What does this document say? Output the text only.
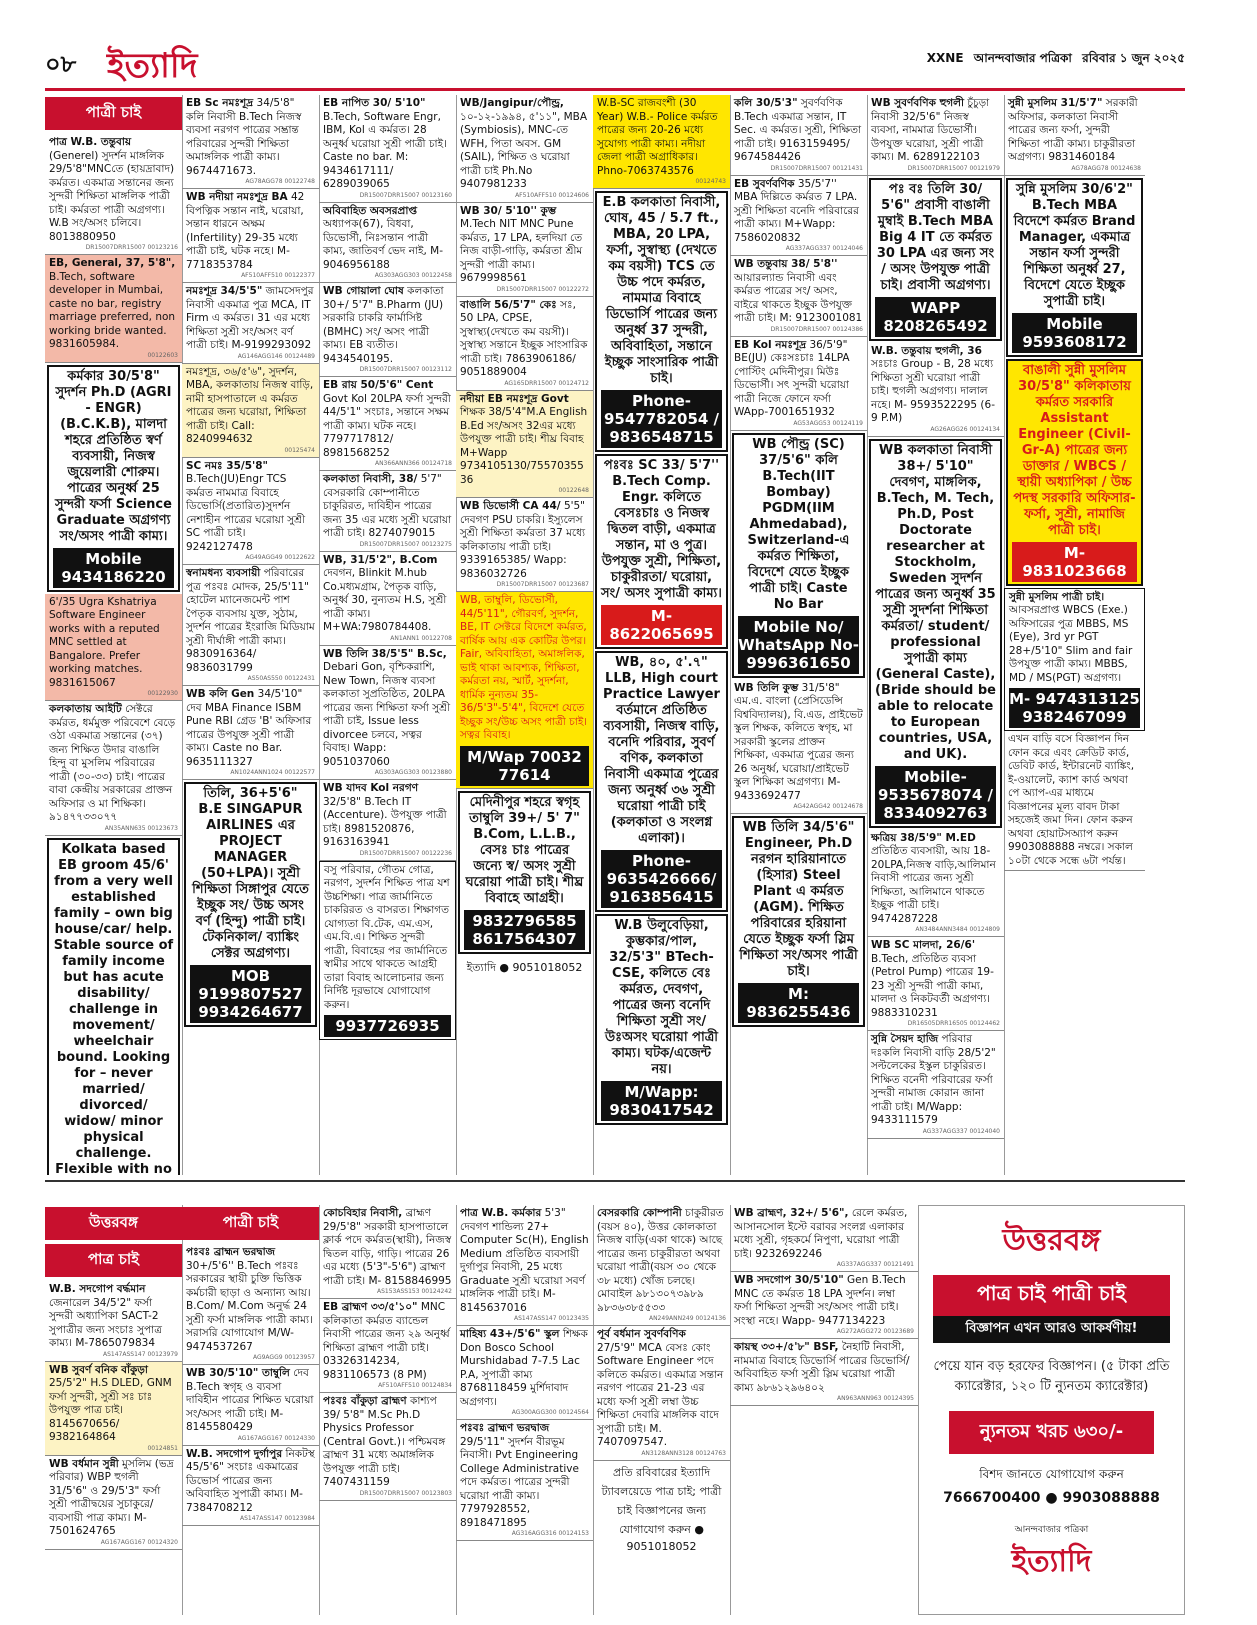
০৮ ইত্যাদি	XXNE আনন্দবাজার পত্রিকা রবিবার ১ জুন ২০২৫
পাত্রী চাই
পাত্র W.B. তন্তুবায় (Generel) সুদর্শন মাঙ্গলিক 29/5'8"MNCতে (হায়দ্রাবাদ) কর্মরত। একমাত্র সন্তানের জন্য সুন্দরী শিক্ষিতা মাঙ্গলিক পাত্রী চাই। কর্মরতা পাত্রী অগ্রগণ্য। W.B সং/অসং চলিবে। 8013880950
DR15007DRR15007 00123216
EB, General, 37, 5'8", B.Tech, software developer in Mumbai, caste no bar, registry marriage preferred, non working bride wanted. 9831605984.
00122603
কর্মকার 30/5'8" সুদর্শন Ph.D (AGRI - ENGR) (B.C.K.B), মালদা শহরে প্রতিষ্ঠিত স্বর্ণ ব্যবসায়ী, নিজস্ব জুয়েলারী শোরুম। পাত্রের অনুর্ধ্ব 25 সুন্দরী ফর্সা Science Graduate অগ্রগণ্য সং/অসং পাত্রী কাম্য।
Mobile 9434186220
6'/35 Ugra Kshatriya Software Engineer works with a reputed MNC settled at Bangalore. Prefer working matches. 9831615067
00122930
কলকাতায় আইটি সেক্টরে কর্মরত, ধর্মমুক্ত পরিবেশে বেড়ে ওঠা একমাত্র সন্তানের (৩৭) জন্য শিক্ষিত উদার বাঙালি হিন্দু বা মুসলিম পরিবারের পাত্রী (৩০-৩৩) চাই। পাত্রের বাবা কেন্দ্রীয় সরকারের প্রাক্তন অফিসার ও মা শিক্ষিকা। ৯১৪৭৭৩৩০৭৭
AN35ANN635 00123673
Kolkata based EB groom 45/6' from a very well established family – own big house/car/ help. Stable source of family income but has acute disability/ challenge in movement/ wheelchair bound. Looking for – never married/ divorced/ widow/ minor physical challenge. Flexible with no
EB Sc নমঃশূদ্র 34/5'8" কলি নিবাসী B.Tech নিজস্ব ব্যবসা নরগণ পাত্রের সম্ভ্রান্ত পরিবারের সুন্দরী শিক্ষিতা অমাঙ্গলিক পাত্রী কাম্য। 9674471673.
AG78AGG78 00122748
WB নদীয়া নমঃশূদ্র BA 42 বিপত্নিক সন্তান নাই, ঘরোয়া, সন্তান ধারনে অক্ষম (Infertility) 29-35 মধ্যে পাত্রী চাই, ঘটক নহে। M-7718353784
AF510AFF510 00122377
নমঃশূদ্র 34/5'5" জামসেদপুর নিবাসী একমাত্র পুত্র MCA, IT Firm এ কর্মরত। 31 এর মধ্যে শিক্ষিতা সুশ্রী সং/অসং বর্ণ পাত্রী চাই। M-9199293092
AG146AGG146 00124489
নমঃশূদ্র, ৩৬/৫'৬", সুদর্শন, MBA, কলকাতায় নিজস্ব বাড়ি, নামী হাসপাতালে এ কর্মরত পাত্রের জন্য ঘরোয়া, শিক্ষিতা পাত্রী চাই। Call: 8240994632
00125474
SC নমঃ 35/5'8" B.Tech(JU)Engr TCS কর্মরত নামমাত্র বিবাহে ডিভোর্সি(প্রতারিত)সুদর্শন নেশাহীন পাত্রের ঘরোয়া সুশ্রী SC পাত্রী চাই। 9242127478
AG49AGG49 00122622
স্বনামধন্য ব্যবসায়ী পরিবারের পুত্র পঃবঃ মোদক, 25/5'11" হোটেল ম্যানেজমেন্ট পাশ পৈতৃক ব্যবসায় যুক্ত, সুঠাম, সুদর্শন পাত্রের ইংরাজি মিডিয়াম সুশ্রী দীর্ঘাঙ্গী পাত্রী কাম্য। 9830916364/ 9836031799
AS50AS550 00122431
WB কলি Gen 34/5'10" দেব MBA Finance ISBM Pune RBI গ্রেড 'B' অফিসার পাত্রের উপযুক্ত সুশ্রী পাত্রী কাম্য। Caste no Bar. 9635111327
AN1024ANN1024 00122577
তিলি, 36+5'6" B.E SINGAPUR AIRLINES এর PROJECT MANAGER (50+LPA)। সুশ্রী শিক্ষিতা সিঙ্গাপুর যেতে ইচ্ছুক সং/ উচ্চ অসং বর্ণ (হিন্দু) পাত্রী চাই। টেকনিকাল/ ব্যাঙ্কিং সেক্টর অগ্রগণ্য।
MOB 9199807527 9934264677
EB নাপিত 30/ 5'10" B.Tech, Software Engr, IBM, Kol এ কর্মরত। 28 অনুর্ধ্ব ঘরোয়া সুশ্রী পাত্রী চাই। Caste no bar. M: 9434617111/ 6289039065
DR15007DRR15007 00123160
অবিবাহিত অবসরপ্রাপ্ত অধ্যাপক(67), বিধবা, ডিভোর্সী, নিঃসন্তান পাত্রী কাম্য, জাতিবর্ণ ভেদ নাই, M- 9046956188
AG303AGG303 00122458
WB গোয়ালা ঘোষ কলকাতা 30+/ 5'7" B.Pharm (JU) সরকারি চাকরি ফার্মাসিষ্ট (BMHC) সং/ অসং পাত্রী কাম্য। EB ব্যতীত। 9434540195.
DR15007DRR15007 00123112
EB রায় 50/5'6" Cent Govt Kol 20LPA ফর্সা সুন্দরী 44/5'1" সংচাঃ, সন্তানে সক্ষম পাত্রী কাম্য। ঘটক নহে। 7797717812/ 8981568252
AN366ANN366 00124718
কলকাতা নিবাসী, 38/ 5'7" বেসরকারি কোম্পানীতে চাকুরিরত, দাবিহীন পাত্রের জন্য 35 এর মধ্যে সুশ্রী ঘরোয়া পাত্রী চাই। 8274079015
DR15007DRR15007 00123275
WB, 31/5'2", B.Com দেবগন, Blinkit M.hub Co.মধ্যমগ্রাম, পৈতৃক বাড়ি, অনুর্ধ্ব 30, নুন্যতম H.S, সুশ্রী পাত্রী কাম্য। M+WA:7980784408.
AN1ANN1 00122708
WB তিলি 38/5'5" B.Sc, Debari Gon, বৃশ্চিকরাশি, New Town, নিজস্ব ব্যবসা কলকাতা সুপ্রতিষ্ঠিত, 20LPA পাত্রের জন্য শিক্ষিতা ফর্সা সুশ্রী পাত্রী চাই, Issue less divorcee চলবে, সত্বর বিবাহ। Wapp: 9051037060
AG303AGG303 00123880
WB যাদব Kol নরগণ 32/5'8" B.Tech IT (Accenture). উপযুক্ত পাত্রী চাই। 8981520876, 9163163941
DR15007DRR15007 00122236
বসু পরিবার, গৌতম গোত্র, নরগণ, সুদর্শন শিক্ষিত পাত্র যশ উচ্চশিক্ষা। পাত্র জার্মানিতে চাকরিরত ও বাসরত। শিক্ষাগত যোগ্যতা বি.টেক, এম.এস, এম.বি.এ। শিক্ষিত সুন্দরী পাত্রী, বিবাহের পর জার্মানিতে স্বামীর সাথে থাকতে আগ্রহী তারা বিবাহ আলোচনার জন্য নির্দিষ্ট দূরভাষে যোগাযোগ করুন।
9937726935
WB/Jangipur/পৌন্ড্র, ১০-১২-১৯৯৪, ৫'১১", MBA (Symbiosis), MNC-তে WFH, পিতা অবস. GM (SAIL), শিক্ষিত ও ঘরোয়া পাত্রী চাই Ph.No 9407981233
AF510AFF510 00124606
WB 30/ 5'10'' কুম্ভ M.Tech NIT MNC Pune কর্মরত, 17 LPA, হলদিয়া তে নিজ বাড়ী-গাড়ি, কর্মরতা শ্রীম সুন্দরী পাত্রী কাম্য। 9679998561
DR15007DRR15007 00122272
বাঙালি 56/5'7" কেঃ সঃ, 50 LPA, CPSE, সুস্বাস্থ্য(দেখতে কম বয়সী)। সুস্বাস্থ্য সন্তানে ইচ্ছুক সাংসারিক পাত্রী চাই। 7863906186/ 9051889004
AG165DRR15007 00124712
নদীয়া EB নমঃশূদ্র Govt শিক্ষক 38/5'4"M.A English B.Ed সং/অসং 32এর মধ্যে উপযুক্ত পাত্রী চাই। শীঘ্র বিবাহ M+Wapp 9734105130/7557035536
00122648
WB ডিভোর্সী CA 44/ 5'5" দেবগণ PSU চাকরি। ইস্যুলেস সুশ্রী শিক্ষিতা কর্মরতা 37 মধ্যে কলিকাতায় পাত্রী চাই। 9339165385/ Wapp: 9836032726
DR15007DRR15007 00123687
WB, তাম্বুলি, ডিভোর্সী, 44/5'11", গৌরবর্ণ, সুদর্শন, BE, IT সেক্টরে বিদেশে কর্মরত, বার্ষিক আয় এক কোটির উপর। Fair, অবিবাহিতা, অমাঙ্গলিক, ভাই থাকা আবশ্যক, শিক্ষিতা, কর্মরতা নয়, স্মার্ট, সুদর্শনা, ধার্মিক নুন্যতম 35-36/5'3"-5'4", বিদেশে যেতে ইচ্ছুক সং/উচ্চ অসং পাত্রী চাই। সত্বর বিবাহ।
M/Wap 70032 77614
মেদিনীপুর শহরে স্বগৃহ তাম্বুলি 39+/ 5' 7" B.Com, L.L.B., বেসঃ চাঃ পাত্রের জন্যে স্ব/ অসং সুশ্রী ঘরোয়া পাত্রী চাই। শীঘ্র বিবাহে আগ্রহী।
9832796585 8617564307
ইত্যাদি ● 9051018052
W.B-SC রাজবংশী (30 Year) W.B.- Police কর্মরত পাত্রের জন্য 20-26 মধ্যে সুযোগ্য পাত্রী কাম্য। নদীয়া জেলা পাত্রী অগ্রাধিকার। Phno-7063743576
00124743
E.B কলকাতা নিবাসী, ঘোষ, 45 / 5.7 ft., MBA, 20 LPA, ফর্সা, সুস্বাস্থ্য (দেখতে কম বয়সী) TCS তে উচ্চ পদে কর্মরত, নামমাত্র বিবাহে ডিভোর্সি পাত্রের জন্য অনুর্ধ্ব 37 সুন্দরী, অবিবাহিতা, সন্তানে ইচ্ছুক সাংসারিক পাত্রী চাই।
Phone- 9547782054 / 9836548715
পঃবঃ SC 33/ 5'7'' B.Tech Comp. Engr. কলিতে বেসঃচাঃ ও নিজস্ব দ্বিতল বাড়ী, একমাত্র সন্তান, মা ও পুত্র। উপযুক্ত সুশ্রী, শিক্ষিতা, চাকুরীরতা/ ঘরোয়া, সং/ অসং সুপাত্রী কাম্য।
M- 8622065695
WB, ৪০, ৫'.৭" LLB, High court Practice Lawyer বর্তমানে প্রতিষ্ঠিত ব্যবসায়ী, নিজস্ব বাড়ি, বনেদি পরিবার, সুবর্ণ বণিক, কলকাতা নিবাসী একমাত্র পুত্রের জন্য অনুর্ধ্ব ৩৬ সুশ্রী ঘরোয়া পাত্রী চাই (কলকাতা ও সংলগ্ন এলাকা)।
Phone- 9635426666/ 9163856415
W.B উলুবেড়িয়া, কুম্ভকার/পাল, 32/5'3" BTech-CSE, কলিতে বেঃ কর্মরত, দেবগণ, পাত্রের জন্য বনেদি শিক্ষিতা সুশ্রী সং/উঃঅসং ঘরোয়া পাত্রী কাম্য। ঘটক/এজেন্ট নয়।
M/Wapp: 9830417542
কলি 30/5'3" সুবর্ণবণিক B.Tech একমাত্র সন্তান, IT Sec. এ কর্মরত। সুশ্রী, শিক্ষিতা পাত্রী চাই। 9163159495/ 9674584426
DR15007DRR15007 00121431
EB সুবর্ণবণিক 35/5'7'' MBA দিল্লিতে কর্মরত 7 LPA. সুশ্রী শিক্ষিতা বনেদি পরিবারের পাত্রী কাম্য। M+Wapp: 7586020832
AG337AGG337 00124046
WB তন্তুবায় 38/ 5'8'' আয়ারল্যান্ড নিবাসী এবং কর্মরত পাত্রের সং/ অসং, বাইরে থাকতে ইচ্ছুক উপযুক্ত পাত্রী চাই। M: 9123001081
DR15007DRR15007 00124386
EB Kol নমঃশূদ্র 36/5'9" BE(JU) কেঃসঃচাঃ 14LPA পোস্টিং মেদিনীপুর। মিউঃ ডিভোর্সী। সৎ সুন্দরী ঘরোয়া পাত্রী নিজে ফোনে ফর্সা WApp-7001651932
AG53AGG53 00124119
WB পৌন্ড্র (SC) 37/5'6" কলি B.Tech(IIT Bombay) PGDM(IIM Ahmedabad), Switzerland-এ কর্মরত শিক্ষিতা, বিদেশে যেতে ইচ্ছুক পাত্রী চাই। Caste No Bar
Mobile No/ WhatsApp No- 9996361650
WB তিলি কুম্ভ 31/5'8" এম.এ. বাংলা (প্রেসিডেন্সি বিশ্ববিদ্যালয়), বি.এড, প্রাইভেট স্কুল শিক্ষক, কলিতে স্বগৃহ, মা সরকারী স্কুলের প্রাক্তন শিক্ষিকা, একমাত্র পুত্রের জন্য 26 অনুর্ধ্ব, ঘরোয়া/প্রাইভেট স্কুল শিক্ষিকা অগ্রগণ্য। M- 9433692477
AG42AGG42 00124678
WB তিলি 34/5'6" Engineer, Ph.D নরগন হারিয়ানাতে (হিসার) Steel Plant এ কর্মরত (AGM). শিক্ষিত পরিবারের হরিয়ানা যেতে ইচ্ছুক ফর্সা স্লিম শিক্ষিতা সং/অসং পাত্রী চাই।
M: 9836255436
WB সুবর্ণবণিক হুগলী চুঁচুড়া নিবাসী 32/5'6" নিজস্ব ব্যবসা, নামমাত্র ডিভোর্সী। উপযুক্ত ঘরোয়া, সুশ্রী পাত্রী কাম্য। M. 6289122103
DR15007DRR15007 00121979
পঃ বঃ তিলি 30/ 5'6" প্রবাসী বাঙালী মুম্বাই B.Tech MBA Big 4 IT তে কর্মরত 30 LPA এর জন্য সং / অসং উপযুক্ত পাত্রী চাই। প্রবাসী অগ্রগণ্য।
WAPP 8208265492
W.B. তন্তুবায় হুগলী, 36 সঃচাঃ Group - B, 28 মধ্যে শিক্ষিতা সুশ্রী ঘরোয়া পাত্রী চাই। হুগলী অগ্রগণ্য। দালাল নহে। M- 9593522295 (6-9 P.M)
AG26AGG26 00124134
WB কলকাতা নিবাসী 38+/ 5'10" দেবগণ, মাঙ্গলিক, B.Tech, M. Tech, Ph.D, Post Doctorate researcher at Stockholm, Sweden সুদর্শন পাত্রের জন্য অনুর্ধ্ব 35 সুশ্রী সুদর্শনা শিক্ষিতা কর্মরতা/ student/ professional সুপাত্রী কাম্য (General Caste), (Bride should be able to relocate to European countries, USA, and UK).
Mobile- 9535678074 / 8334092763
ক্ষত্রিয় 38/5'9" M.ED প্রতিষ্ঠিত ব্যবসায়ী, আয় 18-20LPA,নিজস্ব বাড়ি,আলিমান নিবাসী পাত্রের জন্য সুশ্রী শিক্ষিতা, আলিমানে থাকতে ইচ্ছুক পাত্রী চাই। 9474287228
AN3484ANN3484 00124809
WB SC মালদা, 26/6' B.Tech, প্রতিষ্ঠিত ব্যবসা (Petrol Pump) পাত্রের 19-23 সুশ্রী সুন্দরী পাত্রী কাম্য, মালদা ও নিকটবর্তী অগ্রগণ্য। 9883310231
DR16505DRR16505 00124462
সুন্নি সৈয়দ হাজি পরিবার দঃকলি নিবাসী বাড়ি 28/5'2" সল্টলেকের ইস্কুল চাকুরিরত। শিক্ষিত বনেদী পরিবারের ফর্সা সুন্দরী নামাজ কোরান জানা পাত্রী চাই। M/Wapp: 9433111579
AG337AGG337 00124040
সুন্নী মুসলিম 31/5'7" সরকারী অফিসার, কলকাতা নিবাসী পাত্রের জন্য ফর্সা, সুন্দরী শিক্ষিতা পাত্রী কাম্য। চাকুরীরতা অগ্রগণ্য। 9831460184
AG78AGG78 00124638
সুন্নি মুসলিম 30/6'2" B.Tech MBA বিদেশে কর্মরত Brand Manager, একমাত্র সন্তান ফর্সা সুন্দরী শিক্ষিতা অনুর্ধ্ব 27, বিদেশে যেতে ইচ্ছুক সুপাত্রী চাই।
Mobile 9593608172
বাঙালী সুন্নী মুসলিম 30/5'8" কলিকাতায় কর্মরত সরকারি Assistant Engineer (Civil-Gr-A) পাত্রের জন্য ডাক্তার / WBCS / স্থায়ী অধ্যাপিকা / উচ্চ পদস্থ সরকারি অফিসার-ফর্সা, সুশ্রী, নামাজি পাত্রী চাই।
M-9831023668
সুন্নী মুসলিম পাত্রী চাই। আবসরপ্রাপ্ত WBCS (Exe.) অফিসারের পুত্র MBBS, MS (Eye), 3rd yr PGT 28+/5'10" Slim and fair উপযুক্ত পাত্রী কাম্য। MBBS, MD / MS(PGT) অগ্রগণ্য।
M- 9474313125 9382467099
এখন বাড়ি বসে বিজ্ঞাপন দিন ফোন করে এবং ক্রেডিট কার্ড, ডেবিট কার্ড, ইন্টারনেট ব্যাঙ্কিং, ই-ওয়ালেট, ক্যাশ কার্ড অথবা পে অ্যাপ-এর মাধ্যমে বিজ্ঞাপনের মূল্য বাবদ টাকা সহজেই জমা দিন। ফোন করুন অথবা হোয়াটসঅ্যাপ করুন 9903088888 নম্বরে। সকাল ১০টা থেকে সন্ধে ৬টা পর্যন্ত।
উত্তরবঙ্গ
পাত্র চাই পাত্রী চাই
বিজ্ঞাপন এখন আরও আকর্ষণীয়!
পেয়ে যান বড় হরফের বিজ্ঞাপন। (৫ টাকা প্রতি ক্যারেক্টার, ১২০ টি ন্যুনতম ক্যারেক্টার)
ন্যুনতম খরচ ৬৩০/-
বিশদ জানতে যোগাযোগ করুন
7666700400 ● 9903088888
আনন্দবাজার পত্রিকা
ইত্যাদি
উত্তরবঙ্গ
পাত্র চাই
W.B. সদগোপ বর্দ্ধমান জেনারেল 34/5'2" ফর্সা সুন্দরী অধ্যাপিকা SACT-2 সুপাত্রীর জন্য সংচাঃ সুপাত্র কাম্য। M-7865079834
AS147ASS147 00123979
WB সুবর্ণ বনিক বাঁকুড়া 25/5'2" H.S DLED, GNM ফর্সা সুন্দরী, সুশ্রী সঃ চাঃ উপযুক্ত পাত্র চাই। 8145670656/ 9382164864
00124851
WB বর্ধমান সুন্নী মুসলিম (ভদ্র পরিবার) WBP হুগলী 31/5'6" ও 29/5'3" ফর্সা সুশ্রী পাত্রীদ্বয়ের সুচাকুরে/ ব্যবসায়ী পাত্র কাম্য। M-7501624765
AG167AGG167 00124320
পাত্রী চাই
পঃবঃ ব্রাহ্মন ভরদ্বাজ 30+/5'6'' B.Tech পঃবঃ সরকারের স্থায়ী চুক্তি ভিত্তিক কর্মচারী ছাড়া ও অন্যান্য আয়। B.Com/ M.Com অনুর্দ্ধ 24 সুশ্রী ফর্সা মাঙ্গলিক পাত্রী কাম্য। সরাসরি যোগাযোগ M/W- 9474537267
AG9AGG9 00123957
WB 30/5'10" তাম্বুলি দেব B.Tech স্বগৃহ ও ব্যবসা দাবিহীন পাত্রের শিক্ষিত ঘরোয়া সং/অসং পাত্রী চাই। M-8145580429
AG167AGG167 00124330
W.B. সদগোপ দুর্গাপুর নিকটস্থ 45/5'6" সংচাঃ একমাত্রের ডিভোর্স পাত্রের জন্য অবিবাহিত সুপাত্রী কাম্য। M-7384708212
AS147ASS147 00123984
কোচবিহার নিবাসী, ব্রাহ্মণ 29/5'8" সরকারী হাসপাতালে ক্লার্ক পদে কর্মরত(স্থায়ী), নিজস্ব দ্বিতল বাড়ি, গাড়ি। পাত্রের 26 এর মধ্যে (5'3"-5'6") ব্রাহ্মণ পাত্রী চাই। M- 8158846995
AS153ASS153 00124242
EB ব্রাহ্মণ ৩৩/৫'১০" MNC কলিকাতা কর্মরত ব্যান্ডেল নিবাসী পাত্রের জন্য ২৯ অনুর্ধ্ব শিক্ষিতা ব্রাহ্মণ পাত্রী চাই। 03326314234, 9831106573 (8 PM)
AF510AFF510 00124834
পঃবঃ বাঁকুড়া ব্রাহ্মণ কাশ্যপ 39/ 5'8" M.Sc Ph.D Physics Professor (Central Govt.)। পশ্চিমবঙ্গ ব্রাহ্মণ 31 মধ্যে অমাঙ্গলিক উপযুক্ত পাত্রী চাই। 7407431159
DR15007DRR15007 00123803
পাত্র W.B. কর্মকার 5'3" দেবগণ শান্ডিল্য 27+ Computer Sc(H), English Medium প্রতিষ্ঠিত ব্যবসায়ী দুর্গাপুর নিবাসী, 25 মধ্যে Graduate সুশ্রী ঘরোয়া সবর্ণ মাঙ্গলিক পাত্রী চাই। M-8145637016
AS147ASS147 00123435
মাহিষ্য 43+/5'6" স্কুল শিক্ষক Don Bosco School Murshidabad 7-7.5 Lac P.A, সুপাত্রী কাম্য 8768118459 মুর্শিদাবাদ অগ্রগণ্য।
AG300AGG300 00124564
পঃবঃ ব্রাহ্মণ ভরদ্বাজ 29/5'11" সুদর্শন বীরভূম নিবাসী। Pvt Engineering College Administrative পদে কর্মরত। পাত্রের সুন্দরী ঘরোয়া পাত্রী কাম্য। 7797928552, 8918471895
AG316AGG316 00124153
বেসরকারি কোম্পানী চাকুরীরত (বয়স ৪০), উত্তর কোলকাতা নিজস্ব বাড়ি(একা থাকে) আছে পাত্রের জন্য চাকুরীরতা অথবা ঘরোয়া পাত্রী(বয়স ৩০ থেকে ৩৮ মধ্যে) খোঁজ চলছে। মোবাইল ৯৮১৩০৭৩৯৮৯ ৯৮৩৬৩৮৫৫৩৩
AN249ANN249 00124136
পূর্ব বর্ধমান সুবর্ণবণিক 27/5'9" MCA বেসঃ কোং Software Engineer পদে কলিতে কর্মরত। একমাত্র সন্তান নরগণ পাত্রের 21-23 এর মধ্যে ফর্সা সুশ্রী লম্বা উচ্চ শিক্ষিতা দেবারি মাঙ্গলিক বাদে সুপাত্রী চাই। M. 7407097547.
AN3128ANN3128 00124763
প্রতি রবিবারের ইত্যাদি ট্যাবলয়েডে পাত্র চাই; পাত্রী চাই বিজ্ঞাপনের জন্য যোগাযোগ করুন ● 9051018052
WB ব্রাহ্মণ, 32+/ 5'6", রেলে কর্মরত, আসানসোল ইস্টে বরাবর সংলগ্ন এলাকার মধ্যে সুশ্রী, গৃহকর্মে নিপুণা, ঘরোয়া পাত্রী চাই। 9232692246
AG337AGG337 00121491
WB সদগোপ 30/5'10" Gen B.Tech MNC তে কর্মরত 18 LPA সুদর্শন। লম্বা ফর্সা শিক্ষিতা সুন্দরী সং/অসং পাত্রী চাই। সংস্থা নহে। Wapp- 9477134223
AG272AGG272 00123689
কায়স্থ ৩৩+/৫'৮" BSF, নৈহাটি নিবাসী, নামমাত্র বিবাহে ডিভোর্সি পাত্রের ডিভোর্সি/ অবিবাহিত ফর্সা সুশ্রী স্লিম ঘরোয়া পাত্রী কাম্য ৯৮৬১২৯৬৪০২
AN963ANN963 00124395
